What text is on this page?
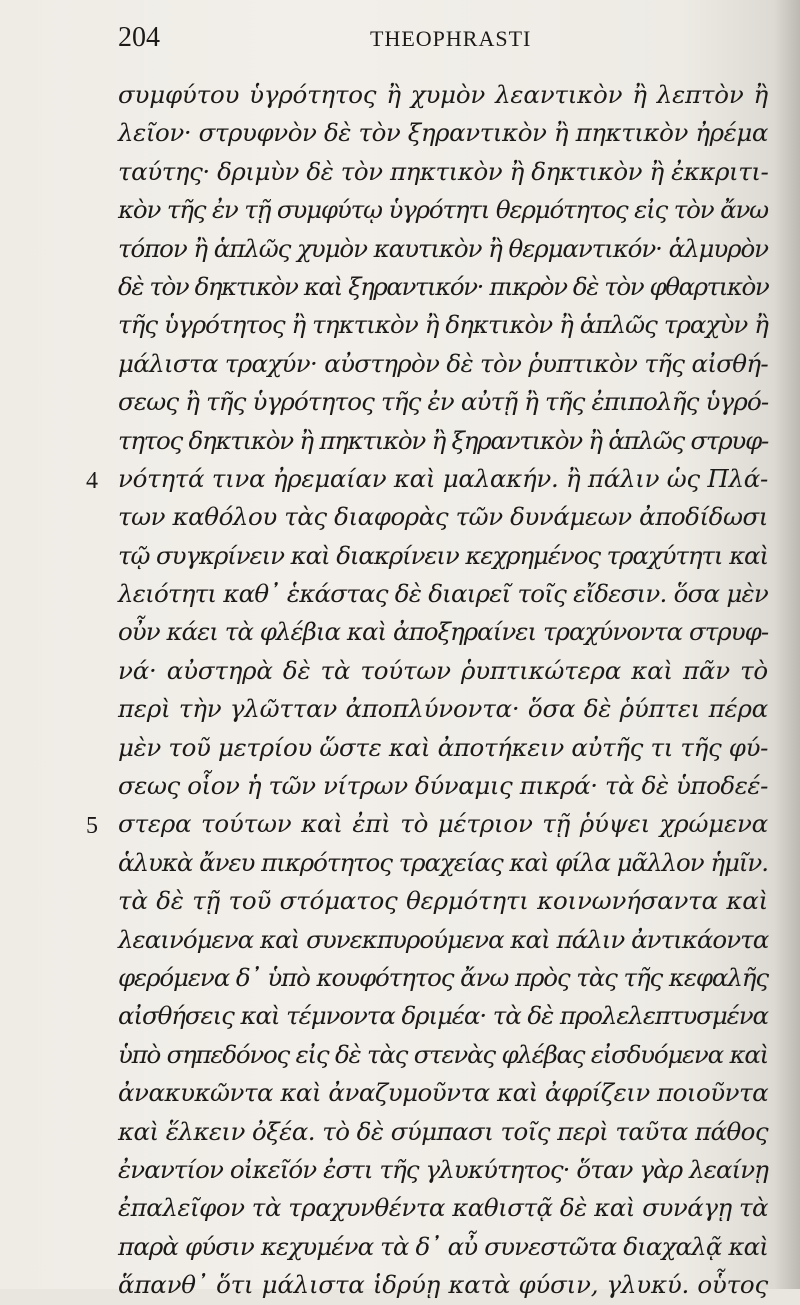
204	THEOPHRASTI
4
5
συμφύτου ὑγρότητος ἢ χυμὸν λεαντικὸν ἢ λεπτὸν ἢ
λεῖον· στρυφνὸν δὲ τὸν ξηραντικὸν ἢ πηκτικὸν ἠρέμα
ταύτης· δριμὺν δὲ τὸν πηκτικὸν ἢ δηκτικὸν ἢ ἐκκριτι-
κὸν τῆς ἐν τῇ συμφύτῳ ὑγρότητι θερμότητος εἰς τὸν ἄνω
τόπον ἢ ἁπλῶς χυμὸν καυτικὸν ἢ θερμαντικόν· ἁλμυρὸν
δὲ τὸν δηκτικὸν καὶ ξηραντικόν· πικρὸν δὲ τὸν φθαρτικὸν
τῆς ὑγρότητος ἢ τηκτικὸν ἢ δηκτικὸν ἢ ἁπλῶς τραχὺν ἢ
μάλιστα τραχύν· αὐστηρὸν δὲ τὸν ῥυπτικὸν τῆς αἰσθή-
σεως ἢ τῆς ὑγρότητος τῆς ἐν αὐτῇ ἢ τῆς ἐπιπολῆς ὑγρό-
τητος δηκτικὸν ἢ πηκτικὸν ἢ ξηραντικὸν ἢ ἁπλῶς στρυφ-
νότητά τινα ἠρεμαίαν καὶ μαλακήν. ἢ πάλιν ὡς Πλά-
των καθόλου τὰς διαφορὰς τῶν δυνάμεων ἀποδίδωσι
τῷ συγκρίνειν καὶ διακρίνειν κεχρημένος τραχύτητι καὶ
λειότητι καθ᾽ ἑκάστας δὲ διαιρεῖ τοῖς εἴδεσιν. ὅσα μὲν
οὖν κάει τὰ φλέβια καὶ ἀποξηραίνει τραχύνοντα στρυφ-
νά· αὐστηρὰ δὲ τὰ τούτων ῥυπτικώτερα καὶ πᾶν τὸ
περὶ τὴν γλῶτταν ἀποπλύνοντα· ὅσα δὲ ῥύπτει πέρα
μὲν τοῦ μετρίου ὥστε καὶ ἀποτήκειν αὐτῆς τι τῆς φύ-
σεως οἷον ἡ τῶν νίτρων δύναμις πικρά· τὰ δὲ ὑποδεέ-
στερα τούτων καὶ ἐπὶ τὸ μέτριον τῇ ῥύψει χρώμενα
ἁλυκὰ ἄνευ πικρότητος τραχείας καὶ φίλα μᾶλλον ἡμῖν.
τὰ δὲ τῇ τοῦ στόματος θερμότητι κοινωνήσαντα καὶ
λεαινόμενα καὶ συνεκπυρούμενα καὶ πάλιν ἀντικάοντα
φερόμενα δ᾽ ὑπὸ κουφότητος ἄνω πρὸς τὰς τῆς κεφαλῆς
αἰσθήσεις καὶ τέμνοντα δριμέα· τὰ δὲ προλελεπτυσμένα
ὑπὸ σηπεδόνος εἰς δὲ τὰς στενὰς φλέβας εἰσδυόμενα καὶ
ἀνακυκῶντα καὶ ἀναζυμοῦντα καὶ ἀφρίζειν ποιοῦντα
καὶ ἕλκειν ὀξέα. τὸ δὲ σύμπασι τοῖς περὶ ταῦτα πάθος
ἐναντίον οἰκεῖόν ἐστι τῆς γλυκύτητος· ὅταν γὰρ λεαίνῃ
ἐπαλεῖφον τὰ τραχυνθέντα καθιστᾷ δὲ καὶ συνάγῃ τὰ
παρὰ φύσιν κεχυμένα τὰ δ᾽ αὖ συνεστῶτα διαχαλᾷ καὶ
ἅπανθ᾽ ὅτι μάλιστα ἱδρύῃ κατὰ φύσιν, γλυκύ. οὗτος
